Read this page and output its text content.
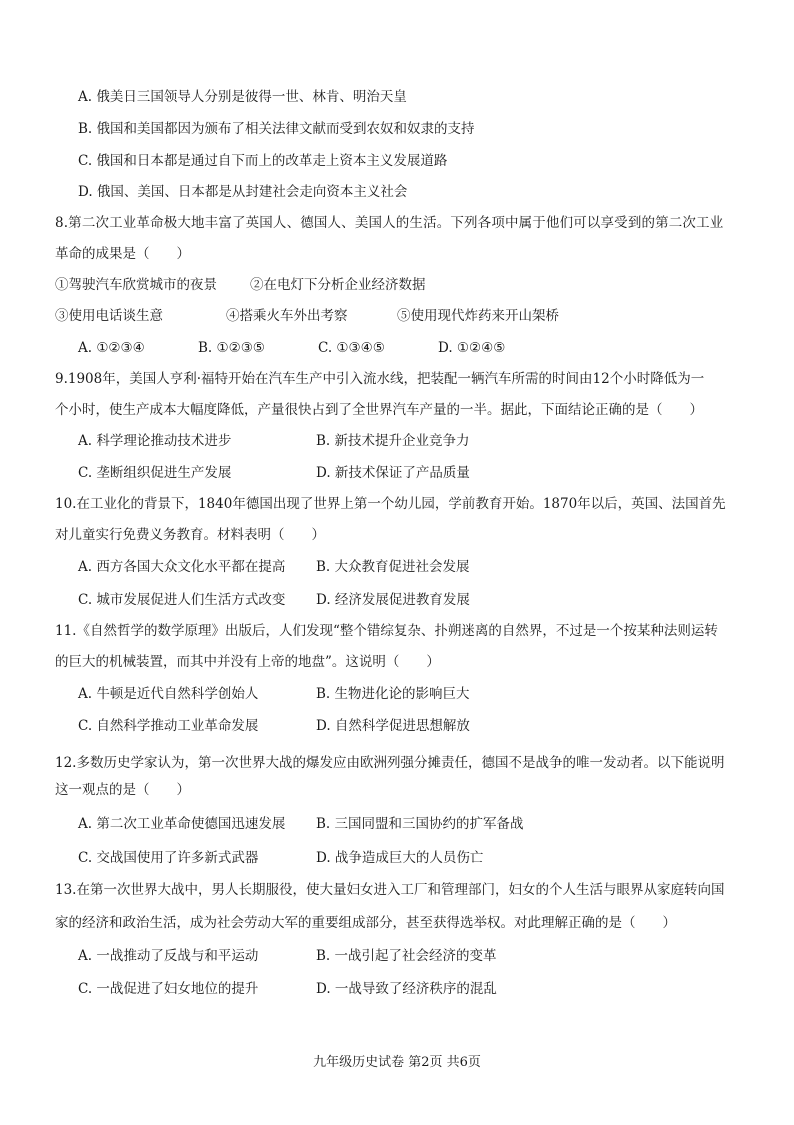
A. 俄美日三国领导人分别是彼得一世、林肯、明治天皇
B. 俄国和美国都因为颁布了相关法律文献而受到农奴和奴隶的支持
C. 俄国和日本都是通过自下而上的改革走上资本主义发展道路
D. 俄国、美国、日本都是从封建社会走向资本主义社会
8.第二次工业革命极大地丰富了英国人、德国人、美国人的生活。下列各项中属于他们可以享受到的第二次工业
革命的成果是（　　）
①驾驶汽车欣赏城市的夜景 ②在电灯下分析企业经济数据
③使用电话谈生意	④搭乘火车外出考察	⑤使用现代炸药来开山架桥
A. ①②③④	B. ①②③⑤	C. ①③④⑤	D. ①②④⑤
9.1908年，美国人亨利·福特开始在汽车生产中引入流水线，把装配一辆汽车所需的时间由12个小时降低为一
个小时，使生产成本大幅度降低，产量很快占到了全世界汽车产量的一半。据此，下面结论正确的是（　　）
A. 科学理论推动技术进步	B. 新技术提升企业竞争力
C. 垄断组织促进生产发展	D. 新技术保证了产品质量
10.在工业化的背景下，1840年德国出现了世界上第一个幼儿园，学前教育开始。1870年以后，英国、法国首先
对儿童实行免费义务教育。材料表明（　　）
A. 西方各国大众文化水平都在提高 B. 大众教育促进社会发展
C. 城市发展促进人们生活方式改变 D. 经济发展促进教育发展
11.《自然哲学的数学原理》出版后，人们发现“整个错综复杂、扑朔迷离的自然界，不过是一个按某种法则运转
的巨大的机械装置，而其中并没有上帝的地盘”。这说明（　　）
A. 牛顿是近代自然科学创始人	B. 生物进化论的影响巨大
C. 自然科学推动工业革命发展	D. 自然科学促进思想解放
12.多数历史学家认为，第一次世界大战的爆发应由欧洲列强分摊责任，德国不是战争的唯一发动者。以下能说明
这一观点的是（　　）
A. 第二次工业革命使德国迅速发展 B. 三国同盟和三国协约的扩军备战
C. 交战国使用了许多新式武器	D. 战争造成巨大的人员伤亡
13.在第一次世界大战中，男人长期服役，使大量妇女进入工厂和管理部门，妇女的个人生活与眼界从家庭转向国
家的经济和政治生活，成为社会劳动大军的重要组成部分，甚至获得选举权。对此理解正确的是（　　）
A. 一战推动了反战与和平运动	B. 一战引起了社会经济的变革
C. 一战促进了妇女地位的提升	D. 一战导致了经济秩序的混乱
九年级历史试卷 第2页 共6页
